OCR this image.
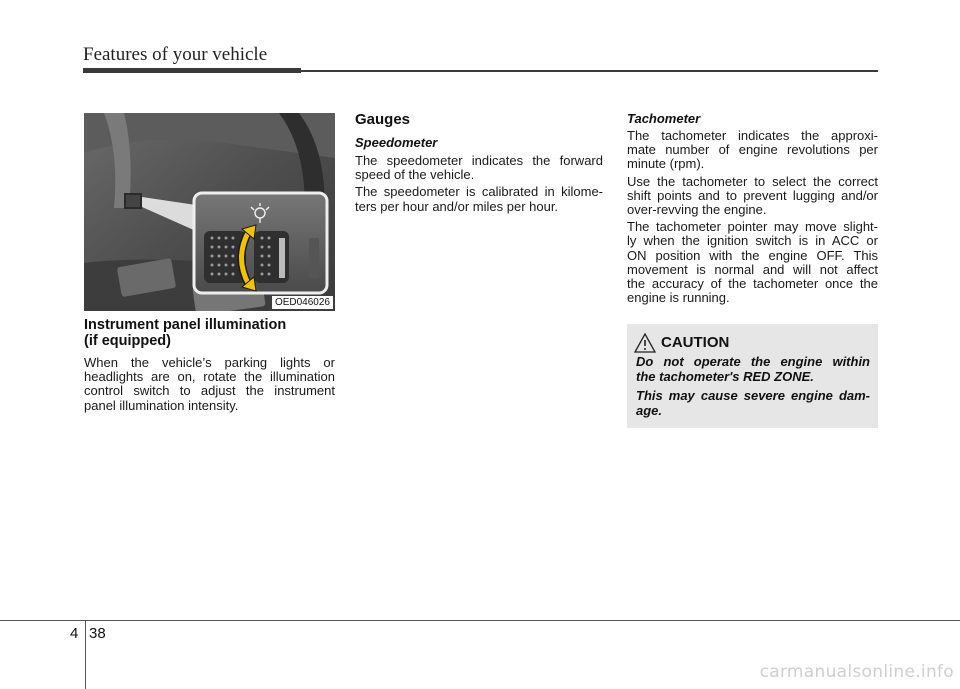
Features of your vehicle
OED046026
Instrument panel illumination
(if equipped)

When the vehicle’s parking lights or
headlights are on, rotate the illumination
control switch to adjust the instrument
panel illumination intensity.

Gauges
Speedometer

The speedometer indicates the forward
speed of the vehicle.

The speedometer is calibrated in kilome-
ters per hour and/or miles per hour.

Tachometer

The tachometer indicates the approxi-
mate number of engine revolutions per
minute (rpm).

Use the tachometer to select the correct
shift points and to prevent lugging and/or
over-revving the engine.

The tachometer pointer may move slight-
ly when the ignition switch is in ACC or
ON position with the engine OFF. This
movement is normal and will not affect
the accuracy of the tachometer once the
engine is running.

CAUTION
Do not operate the engine within
the tachometer's RED ZONE.
This may cause severe engine dam-
age.
4 38
carmanualsonline.info
